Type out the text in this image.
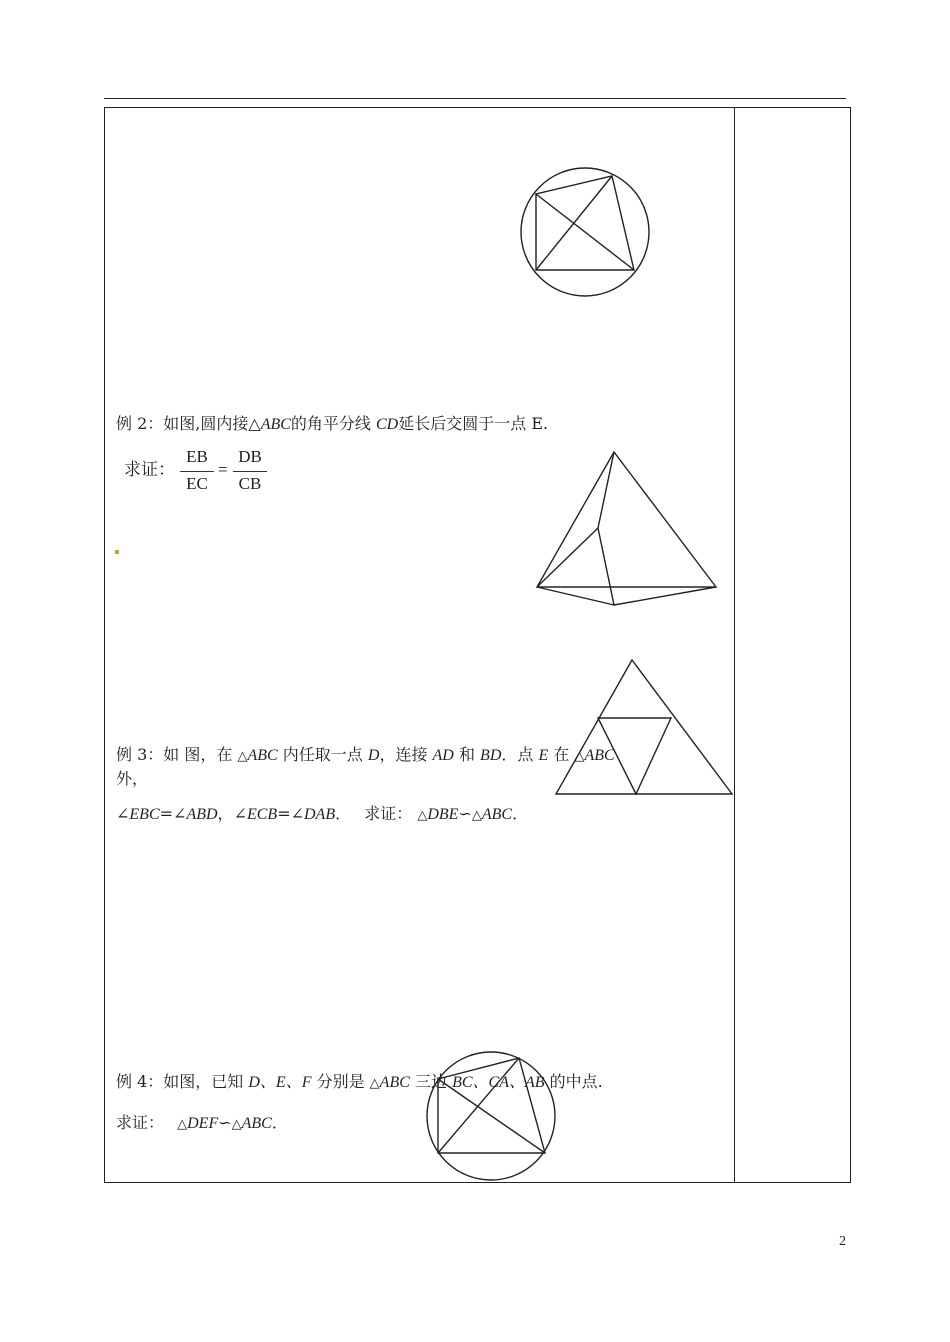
例 2：如图,圆内接△ABC的角平分线 CD延长后交圆于一点 E.
求证：
EB
EC
=
DB
CB
例 3：如 图，在 △ABC 内任取一点 D，连接 AD 和 BD．点 E 在 △ABC
外，
∠EBC=∠ABD，∠ECB=∠DAB． 求证： △DBE∽△ABC．
例 4：如图，已知 D、E、F 分别是 △ABC 三边 BC、CA、AB 的中点.
求证： △DEF∽△ABC．
2
